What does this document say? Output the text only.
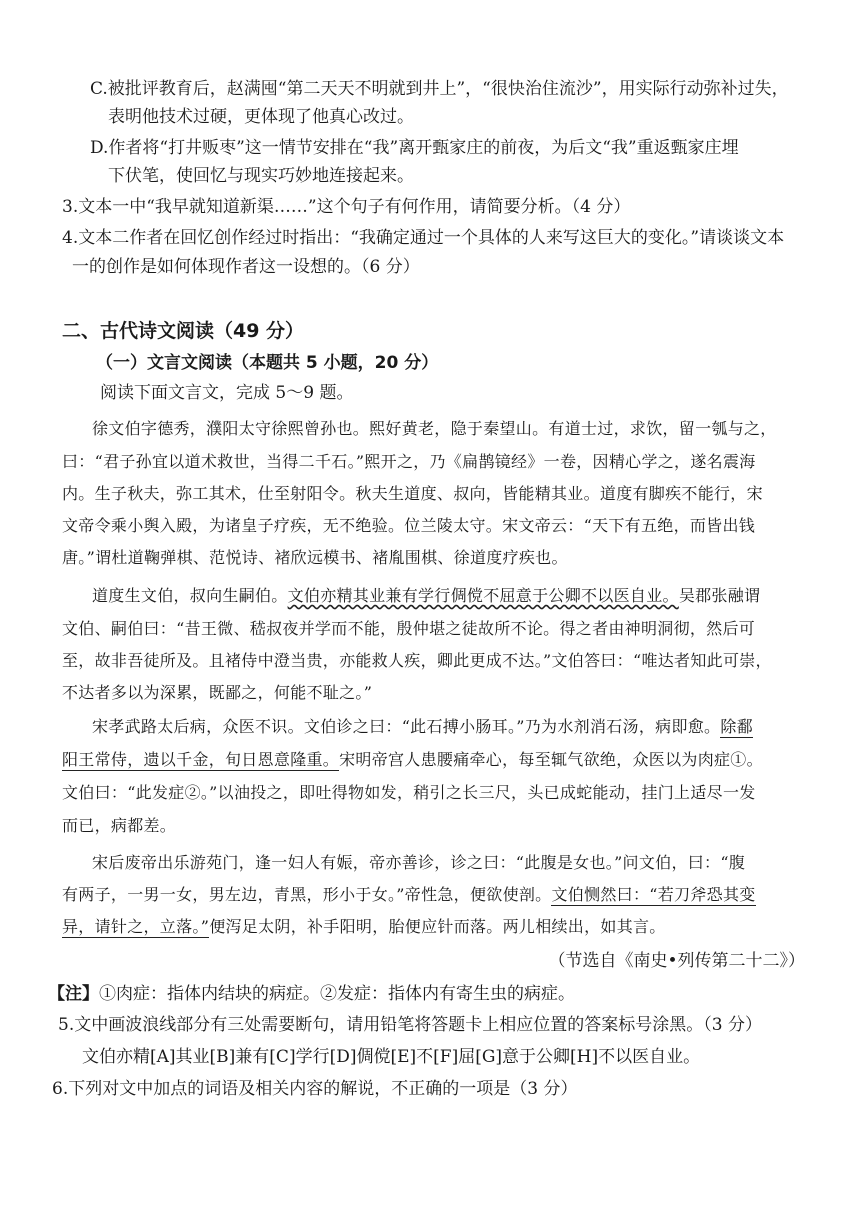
C.被批评教育后，赵满囤“第二天天不明就到井上”，“很快治住流沙”，用实际行动弥补过失，
表明他技术过硬，更体现了他真心改过。
D.作者将“打井贩枣”这一情节安排在“我”离开甄家庄的前夜，为后文“我”重返甄家庄埋
下伏笔，使回忆与现实巧妙地连接起来。
3.文本一中“我早就知道新渠……”这个句子有何作用，请简要分析。（4 分）
4.文本二作者在回忆创作经过时指出：“我确定通过一个具体的人来写这巨大的变化。”请谈谈文本
一的创作是如何体现作者这一设想的。（6 分）
二、古代诗文阅读（49 分）
（一）文言文阅读（本题共 5 小题，20 分）
阅读下面文言文，完成 5～9 题。
徐文伯字德秀，濮阳太守徐熙曾孙也。熙好黄老，隐于秦望山。有道士过，求饮，留一瓠与之，
曰：“君子孙宜以道术救世，当得二千石。”熙开之，乃《扁鹊镜经》一卷，因精心学之，遂名震海
内。生子秋夫，弥工其术，仕至射阳令。秋夫生道度、叔向，皆能精其业。道度有脚疾不能行，宋
文帝令乘小舆入殿，为诸皇子疗疾，无不绝验。位兰陵太守。宋文帝云：“天下有五绝，而皆出钱
唐。”谓杜道鞠弹棋、范悦诗、褚欣远模书、褚胤围棋、徐道度疗疾也。
道度生文伯，叔向生嗣伯。文伯亦精其业兼有学行倜傥不屈意于公卿不以医自业。吴郡张融谓
文伯、嗣伯曰：“昔王微、嵇叔夜并学而不能，殷仲堪之徒故所不论。得之者由神明洞彻，然后可
至，故非吾徒所及。且褚侍中澄当贵，亦能救人疾，卿此更成不达。”文伯答曰：“唯达者知此可崇，
不达者多以为深累，既鄙之，何能不耻之。”
宋孝武路太后病，众医不识。文伯诊之曰：“此石搏小肠耳。”乃为水剂消石汤，病即愈。除鄱
阳王常侍，遗以千金，旬日恩意隆重。宋明帝宫人患腰痛牵心，每至辄气欲绝，众医以为肉症①。
文伯曰：“此发症②。”以油投之，即吐得物如发，稍引之长三尺，头已成蛇能动，挂门上适尽一发
而已，病都差。
宋后废帝出乐游苑门，逢一妇人有娠，帝亦善诊，诊之曰：“此腹是女也。”问文伯，曰：“腹
有两子，一男一女，男左边，青黑，形小于女。”帝性急，便欲使剖。文伯恻然曰：“若刀斧恐其变
异，请针之，立落。”便泻足太阴，补手阳明，胎便应针而落。两儿相续出，如其言。
（节选自《南史•列传第二十二》）
【注】①肉症：指体内结块的病症。②发症：指体内有寄生虫的病症。
5.文中画波浪线部分有三处需要断句，请用铅笔将答题卡上相应位置的答案标号涂黑。（3 分）
文伯亦精[A]其业[B]兼有[C]学行[D]倜傥[E]不[F]屈[G]意于公卿[H]不以医自业。
6.下列对文中加点的词语及相关内容的解说，不正确的一项是（3 分）
